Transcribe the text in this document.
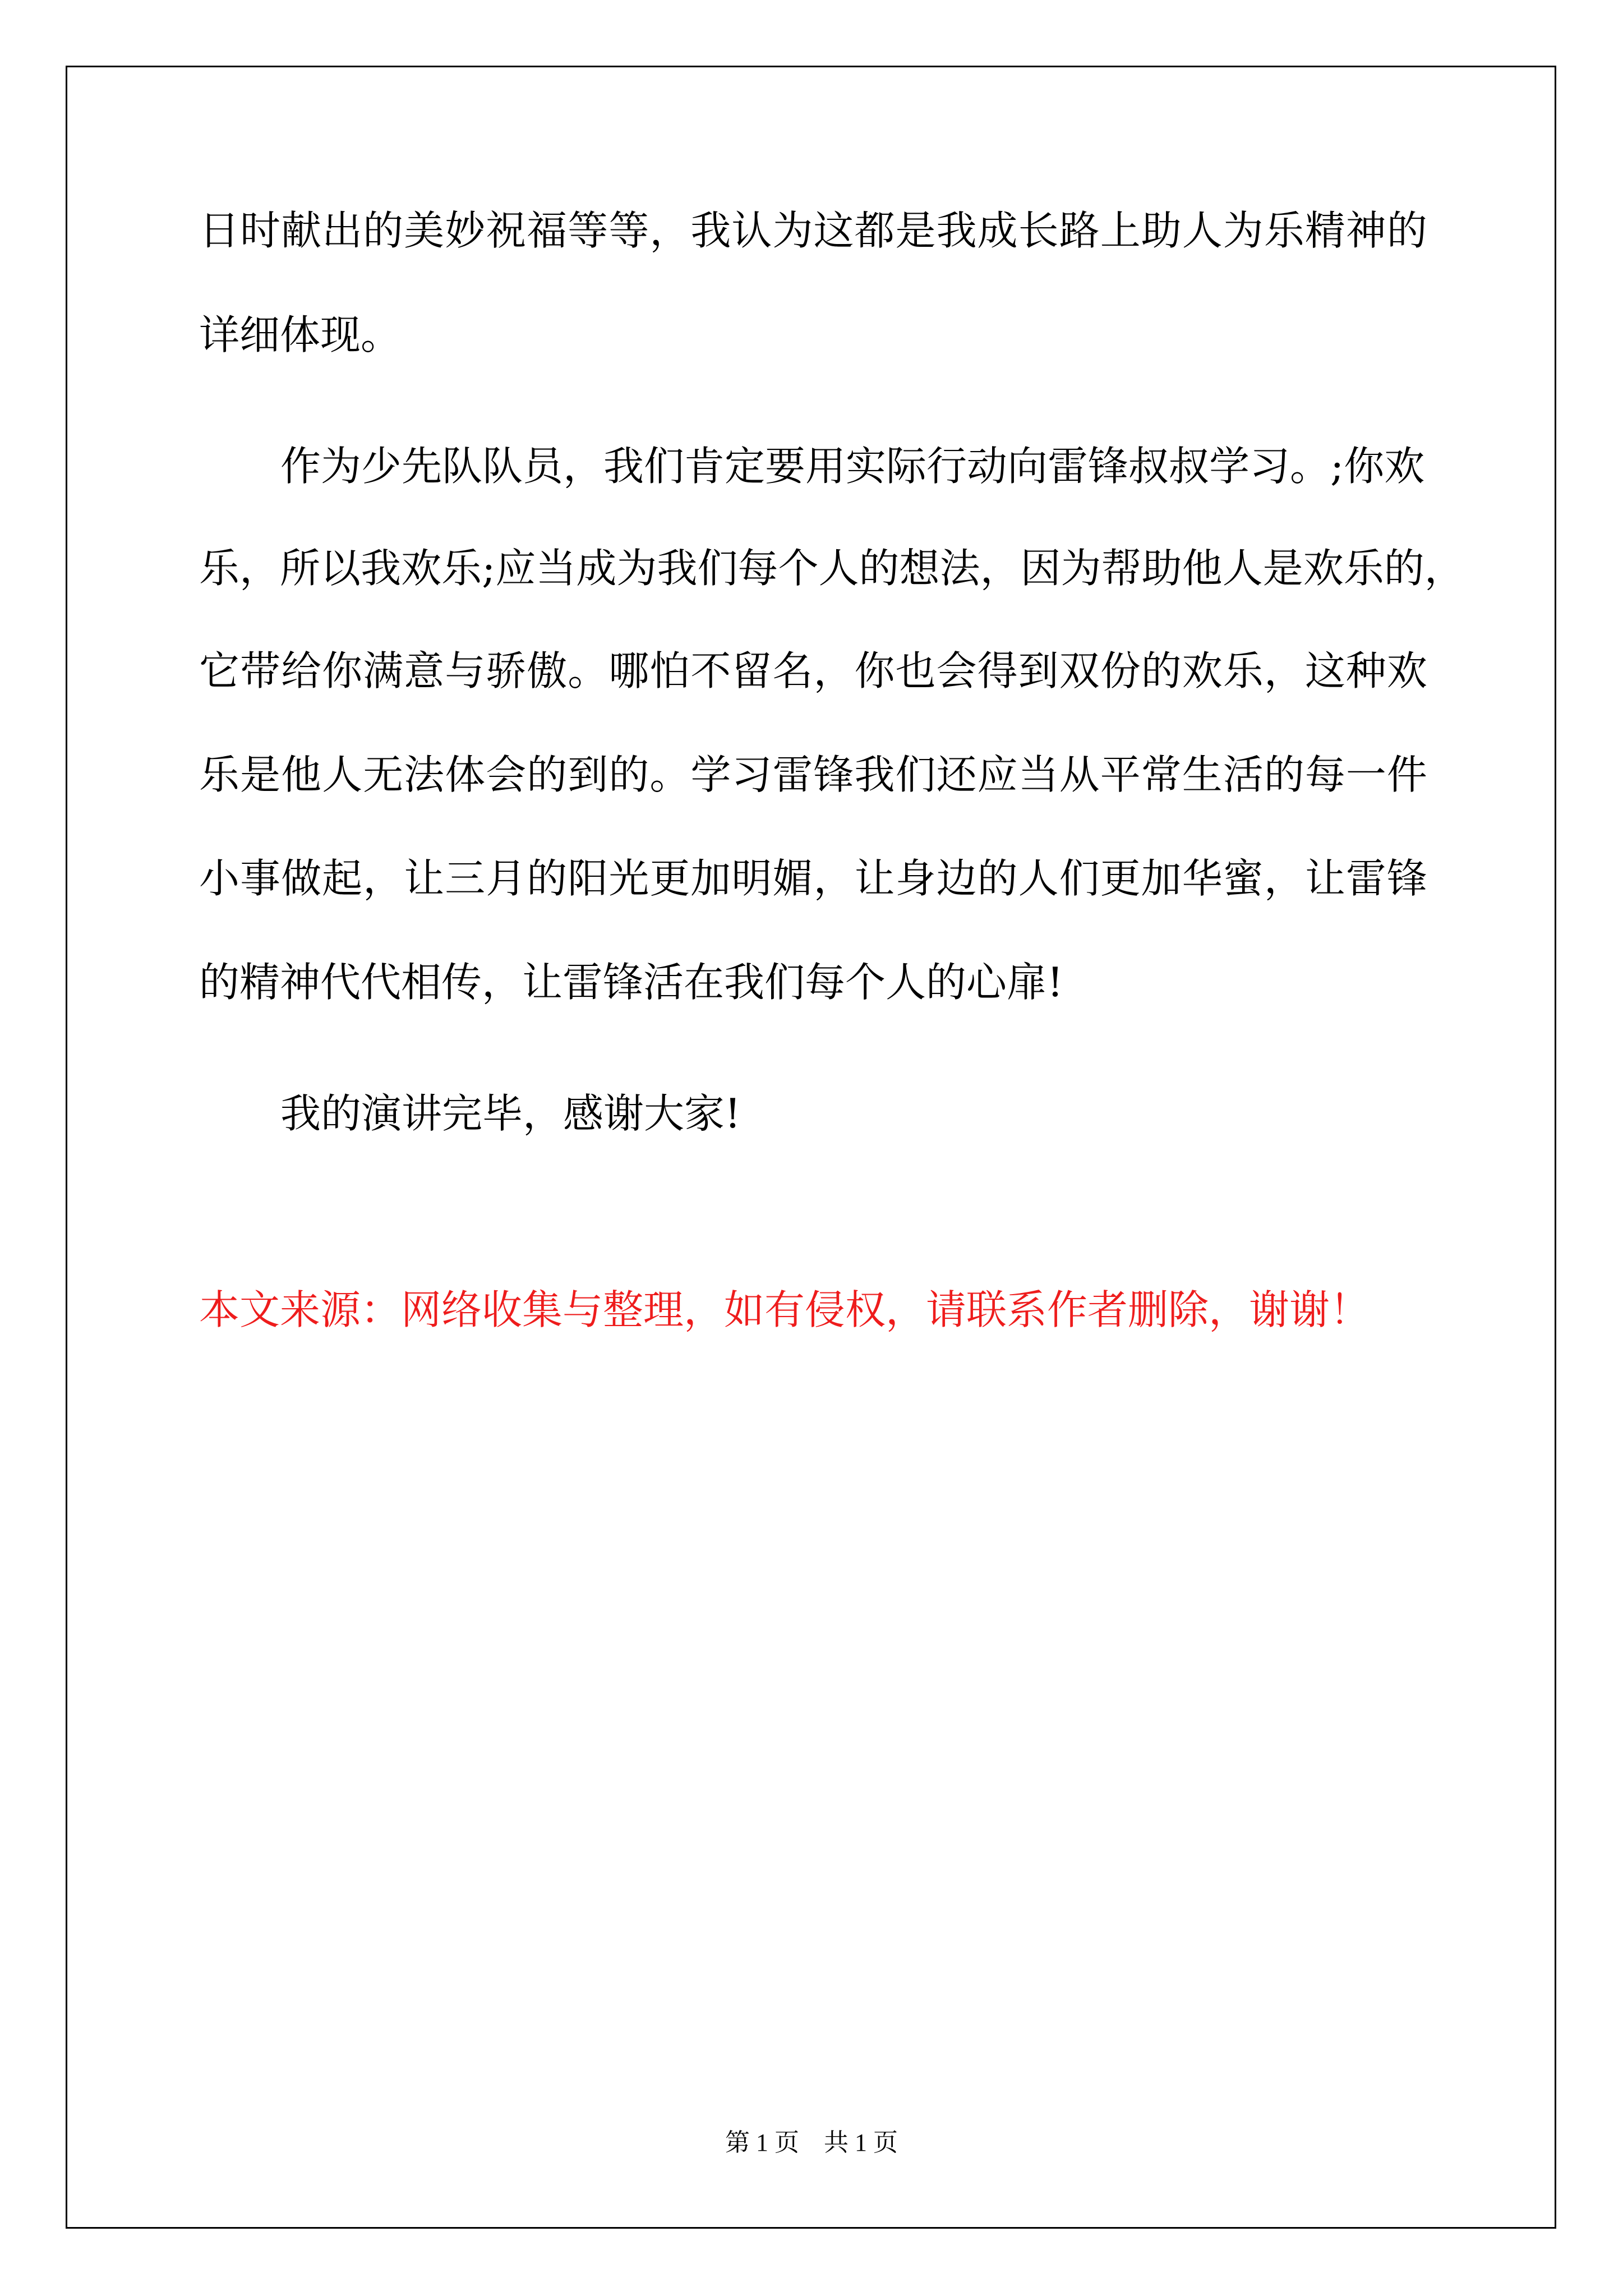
日 时 献 出 的 美 妙 祝 福 等 等 ， 我 认 为 这 都 是 我 成 长 路 上 助 人 为 乐 精 神 的
详细体现。
作为少先队队员，我们肯定要用实际行动向雷锋叔叔学习。;你欢
乐 ， 所 以 我 欢 乐 ; 应 当 成 为 我 们 每 个 人 的 想 法 ， 因 为 帮 助 他 人 是 欢 乐 的 ，
它 带 给 你 满 意 与 骄 傲 。 哪 怕 不 留 名 ， 你 也 会 得 到 双 份 的 欢 乐 ， 这 种 欢
乐 是 他 人 无 法 体 会 的 到 的 。 学 习 雷 锋 我 们 还 应 当 从 平 常 生 活 的 每 一 件
小 事 做 起 ， 让 三 月 的 阳 光 更 加 明 媚 ， 让 身 边 的 人 们 更 加 华 蜜 ， 让 雷 锋
的精神代代相传，让雷锋活在我们每个人的心扉!
我的演讲完毕，感谢大家!
本文来源：网络收集与整理，如有侵权，请联系作者删除，谢谢！
第 1 页    共 1 页
